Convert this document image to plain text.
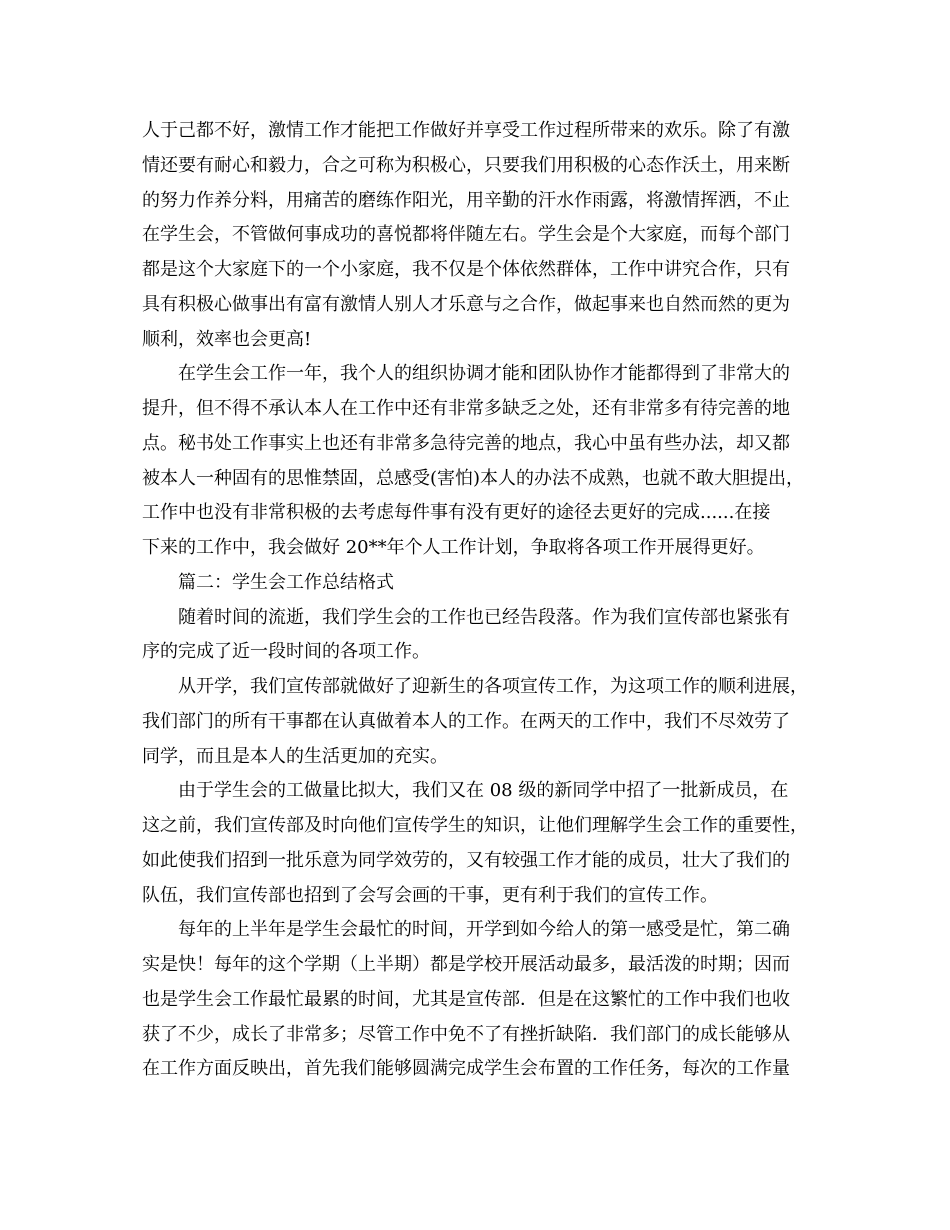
人于己都不好，激情工作才能把工作做好并享受工作过程所带来的欢乐。除了有激
情还要有耐心和毅力，合之可称为积极心，只要我们用积极的心态作沃土，用来断
的努力作养分料，用痛苦的磨练作阳光，用辛勤的汗水作雨露，将激情挥洒，不止
在学生会，不管做何事成功的喜悦都将伴随左右。学生会是个大家庭，而每个部门
都是这个大家庭下的一个小家庭，我不仅是个体依然群体，工作中讲究合作，只有
具有积极心做事出有富有激情人别人才乐意与之合作，做起事来也自然而然的更为
顺利，效率也会更高!
在学生会工作一年，我个人的组织协调才能和团队协作才能都得到了非常大的
提升，但不得不承认本人在工作中还有非常多缺乏之处，还有非常多有待完善的地
点。秘书处工作事实上也还有非常多急待完善的地点，我心中虽有些办法，却又都
被本人一种固有的思惟禁固，总感受(害怕)本人的办法不成熟，也就不敢大胆提出，
工作中也没有非常积极的去考虑每件事有没有更好的途径去更好的完成......在接
下来的工作中，我会做好 20**年个人工作计划，争取将各项工作开展得更好。
篇二：学生会工作总结格式
随着时间的流逝，我们学生会的工作也已经告段落。作为我们宣传部也紧张有
序的完成了近一段时间的各项工作。
从开学，我们宣传部就做好了迎新生的各项宣传工作，为这项工作的顺利进展，
我们部门的所有干事都在认真做着本人的工作。在两天的工作中，我们不尽效劳了
同学，而且是本人的生活更加的充实。
由于学生会的工做量比拟大，我们又在 08 级的新同学中招了一批新成员，在
这之前，我们宣传部及时向他们宣传学生的知识，让他们理解学生会工作的重要性，
如此使我们招到一批乐意为同学效劳的，又有较强工作才能的成员，壮大了我们的
队伍，我们宣传部也招到了会写会画的干事，更有利于我们的宣传工作。
每年的上半年是学生会最忙的时间，开学到如今给人的第一感受是忙，第二确
实是快！每年的这个学期（上半期）都是学校开展活动最多，最活泼的时期；因而
也是学生会工作最忙最累的时间，尤其是宣传部．但是在这繁忙的工作中我们也收
获了不少，成长了非常多；尽管工作中免不了有挫折缺陷．我们部门的成长能够从
在工作方面反映出，首先我们能够圆满完成学生会布置的工作任务，每次的工作量
